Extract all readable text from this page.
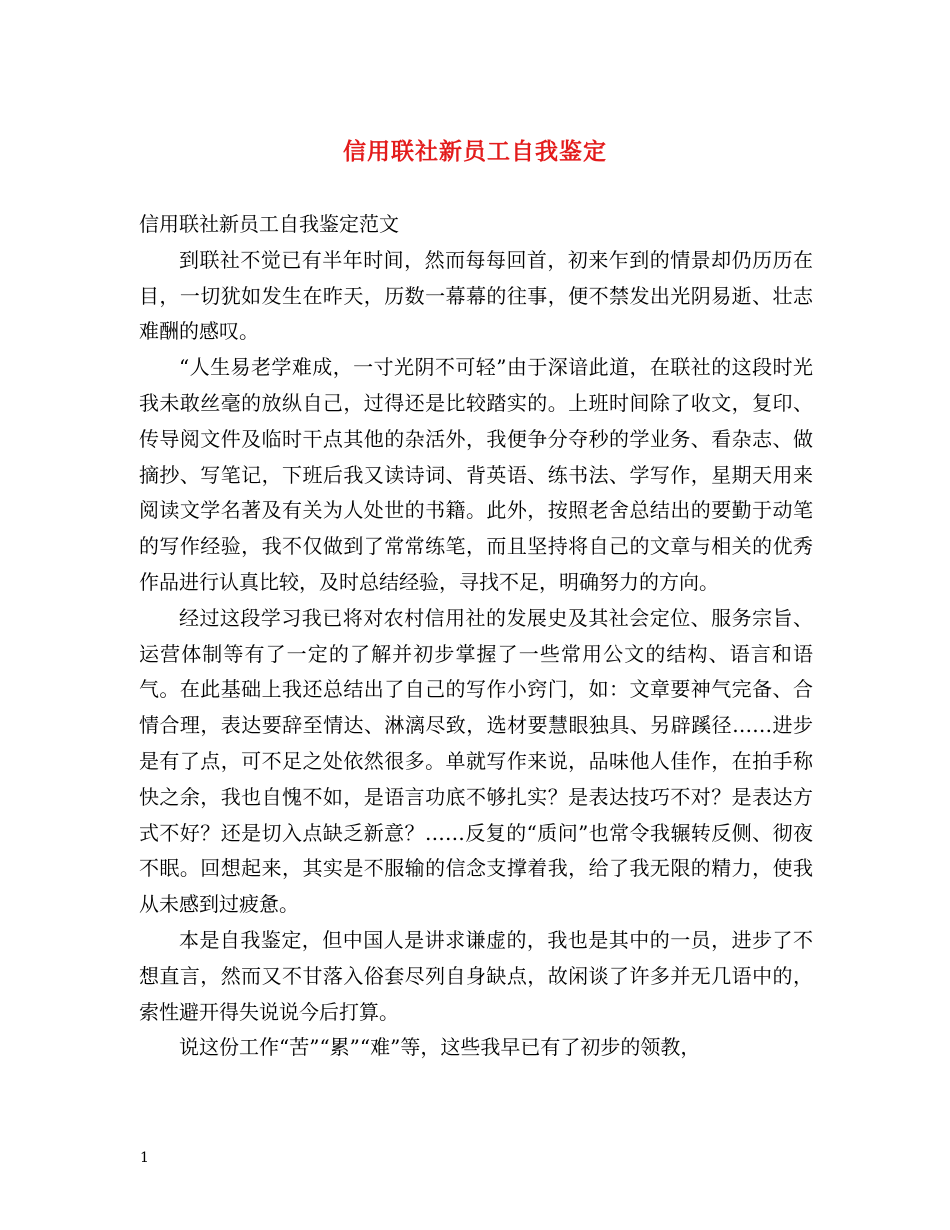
信用联社新员工自我鉴定

信用联社新员工自我鉴定范文

到联社不觉已有半年时间，然而每每回首，初来乍到的情景却仍历历在目，一切犹如发生在昨天，历数一幕幕的往事，便不禁发出光阴易逝、壮志难酬的感叹。

“人生易老学难成，一寸光阴不可轻”由于深谙此道，在联社的这段时光我未敢丝毫的放纵自己，过得还是比较踏实的。上班时间除了收文，复印、传导阅文件及临时干点其他的杂活外，我便争分夺秒的学业务、看杂志、做摘抄、写笔记，下班后我又读诗词、背英语、练书法、学写作，星期天用来阅读文学名著及有关为人处世的书籍。此外，按照老舍总结出的要勤于动笔的写作经验，我不仅做到了常常练笔，而且坚持将自己的文章与相关的优秀作品进行认真比较，及时总结经验，寻找不足，明确努力的方向。

经过这段学习我已将对农村信用社的发展史及其社会定位、服务宗旨、运营体制等有了一定的了解并初步掌握了一些常用公文的结构、语言和语气。在此基础上我还总结出了自己的写作小窍门，如：文章要神气完备、合情合理，表达要辞至情达、淋漓尽致，选材要慧眼独具、另辟蹊径……进步是有了点，可不足之处依然很多。单就写作来说，品味他人佳作，在拍手称快之余，我也自愧不如，是语言功底不够扎实？是表达技巧不对？是表达方式不好？还是切入点缺乏新意？……反复的“质问”也常令我辗转反侧、彻夜不眠。回想起来，其实是不服输的信念支撑着我，给了我无限的精力，使我从未感到过疲惫。

本是自我鉴定，但中国人是讲求谦虚的，我也是其中的一员，进步了不想直言，然而又不甘落入俗套尽列自身缺点，故闲谈了许多并无几语中的，索性避开得失说说今后打算。

说这份工作“苦”“累”“难”等，这些我早已有了初步的领教，

1
